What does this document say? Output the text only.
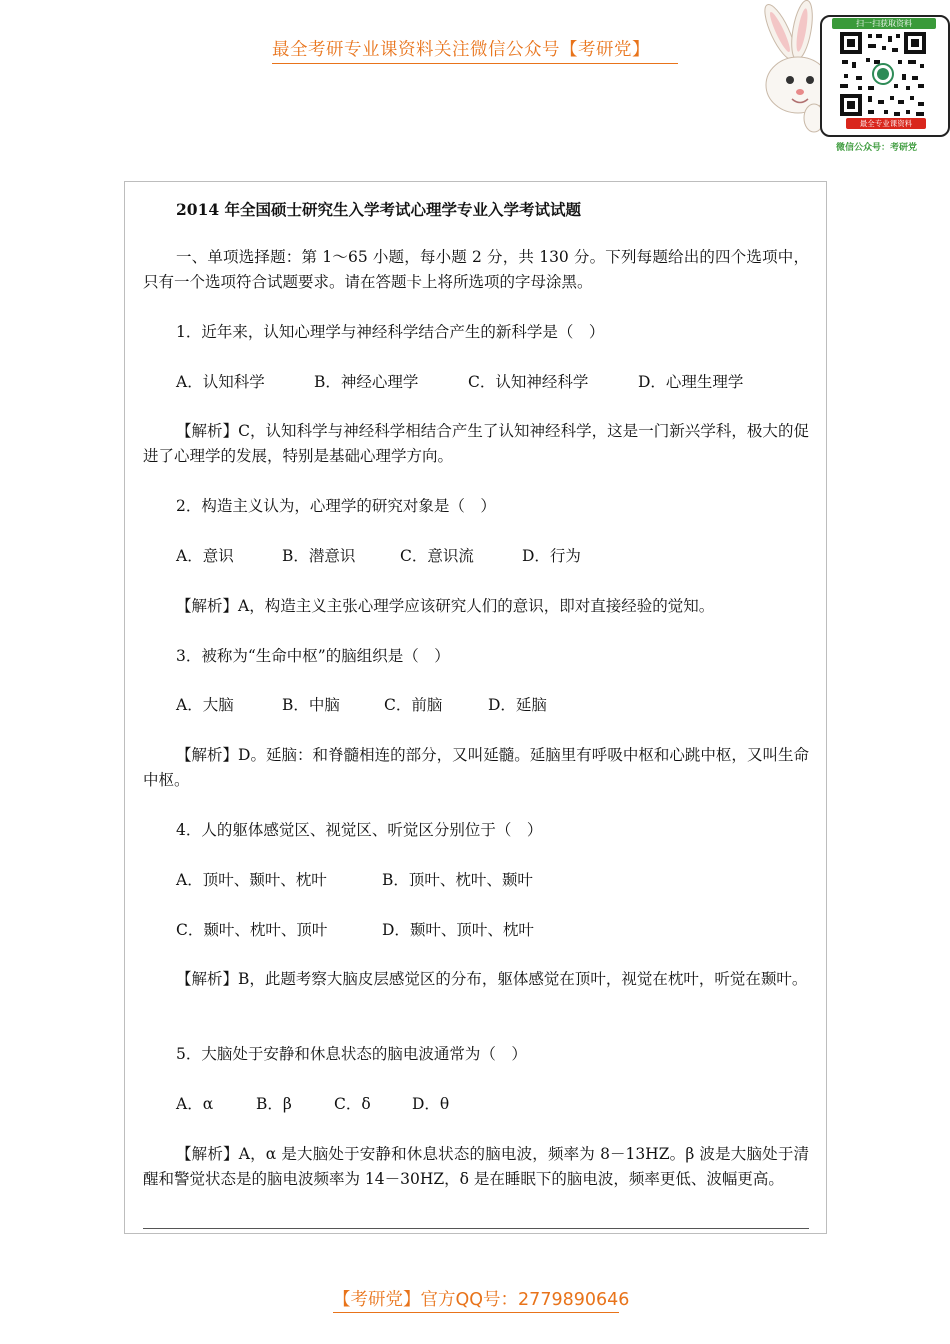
最全考研专业课资料关注微信公众号【考研党】
扫一扫获取资料
最全专业课资料
微信公众号：考研党
2014 年全国硕士研究生入学考试心理学专业入学考试试题

一、单项选择题：第 1～65 小题，每小题 2 分，共 130 分。下列每题给出的四个选项中，只有一个选项符合试题要求。请在答题卡上将所选项的字母涂黑。

1．近年来，认知心理学与神经科学结合产生的新科学是（　）
A．认知科学	B．神经心理学	C．认知神经科学	D．心理生理学

【解析】C，认知科学与神经科学相结合产生了认知神经科学，这是一门新兴学科，极大的促进了心理学的发展，特别是基础心理学方向。

2．构造主义认为，心理学的研究对象是（　）
A．意识	B．潜意识	C．意识流	D．行为

【解析】A，构造主义主张心理学应该研究人们的意识，即对直接经验的觉知。

3．被称为“生命中枢”的脑组织是（　）
A．大脑	B．中脑	C．前脑	D．延脑

【解析】D。延脑：和脊髓相连的部分，又叫延髓。延脑里有呼吸中枢和心跳中枢，又叫生命中枢。

4．人的躯体感觉区、视觉区、听觉区分别位于（　）
A．顶叶、颞叶、枕叶	B．顶叶、枕叶、颞叶
C．颞叶、枕叶、顶叶	D．颞叶、顶叶、枕叶

【解析】B，此题考察大脑皮层感觉区的分布，躯体感觉在顶叶，视觉在枕叶，听觉在颞叶。

5．大脑处于安静和休息状态的脑电波通常为（　）
A．α	B．β	C．δ	D．θ

【解析】A，α 是大脑处于安静和休息状态的脑电波，频率为 8－13HZ。β 波是大脑处于清醒和警觉状态是的脑电波频率为 14－30HZ，δ 是在睡眠下的脑电波，频率更低、波幅更高。

【考研党】官方QQ号：2779890646
